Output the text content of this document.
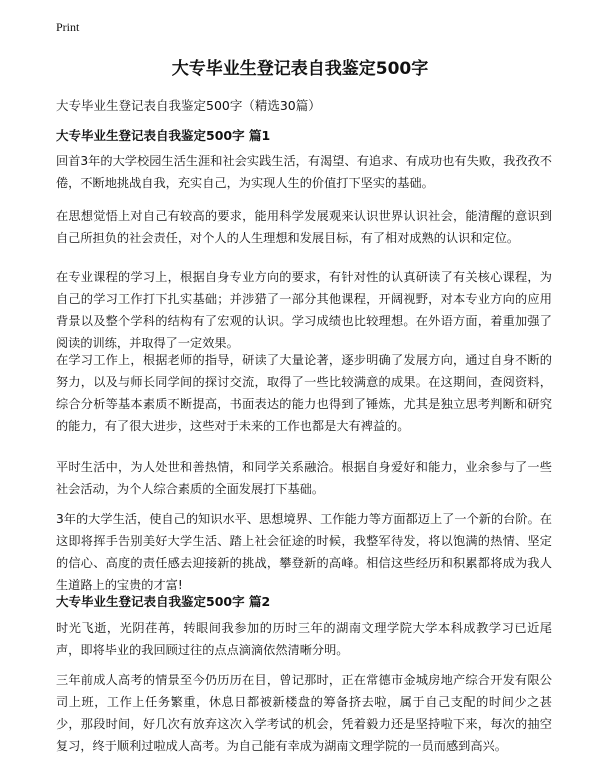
Print
大专毕业生登记表自我鉴定500字

大专毕业生登记表自我鉴定500字（精选30篇）

大专毕业生登记表自我鉴定500字 篇1

回首3年的大学校园生活生涯和社会实践生活，有渴望、有追求、有成功也有失败，我孜孜不倦，不断地挑战自我，充实自己，为实现人生的价值打下坚实的基础。

在思想觉悟上对自己有较高的要求，能用科学发展观来认识世界认识社会，能清醒的意识到自己所担负的社会责任，对个人的人生理想和发展目标，有了相对成熟的认识和定位。

在专业课程的学习上，根据自身专业方向的要求，有针对性的认真研读了有关核心课程，为自己的学习工作打下扎实基础；并涉猎了一部分其他课程，开阔视野，对本专业方向的应用背景以及整个学科的结构有了宏观的认识。学习成绩也比较理想。在外语方面，着重加强了阅读的训练，并取得了一定效果。

在学习工作上，根据老师的指导，研读了大量论著，逐步明确了发展方向，通过自身不断的努力，以及与师长同学间的探讨交流，取得了一些比较满意的成果。在这期间，查阅资料，综合分析等基本素质不断提高，书面表达的能力也得到了锤炼，尤其是独立思考判断和研究的能力，有了很大进步，这些对于未来的工作也都是大有裨益的。

平时生活中，为人处世和善热情，和同学关系融洽。根据自身爱好和能力，业余参与了一些社会活动，为个人综合素质的全面发展打下基础。

3年的大学生活，使自己的知识水平、思想境界、工作能力等方面都迈上了一个新的台阶。在这即将挥手告别美好大学生活、踏上社会征途的时候，我整军待发，将以饱满的热情、坚定的信心、高度的责任感去迎接新的挑战，攀登新的高峰。相信这些经历和积累都将成为我人生道路上的宝贵的才富!

大专毕业生登记表自我鉴定500字 篇2

时光飞逝，光阴荏苒，转眼间我参加的历时三年的湖南文理学院大学本科成教学习已近尾声，即将毕业的我回顾过往的点点滴滴依然清晰分明。

三年前成人高考的情景至今仍历历在目，曾记那时，正在常德市金城房地产综合开发有限公司上班，工作上任务繁重，休息日都被新楼盘的筹备挤去啦，属于自己支配的时间少之甚少，那段时间，好几次有放弃这次入学考试的机会，凭着毅力还是坚持啦下来，每次的抽空复习，终于顺利过啦成人高考。为自己能有幸成为湖南文理学院的一员而感到高兴。
